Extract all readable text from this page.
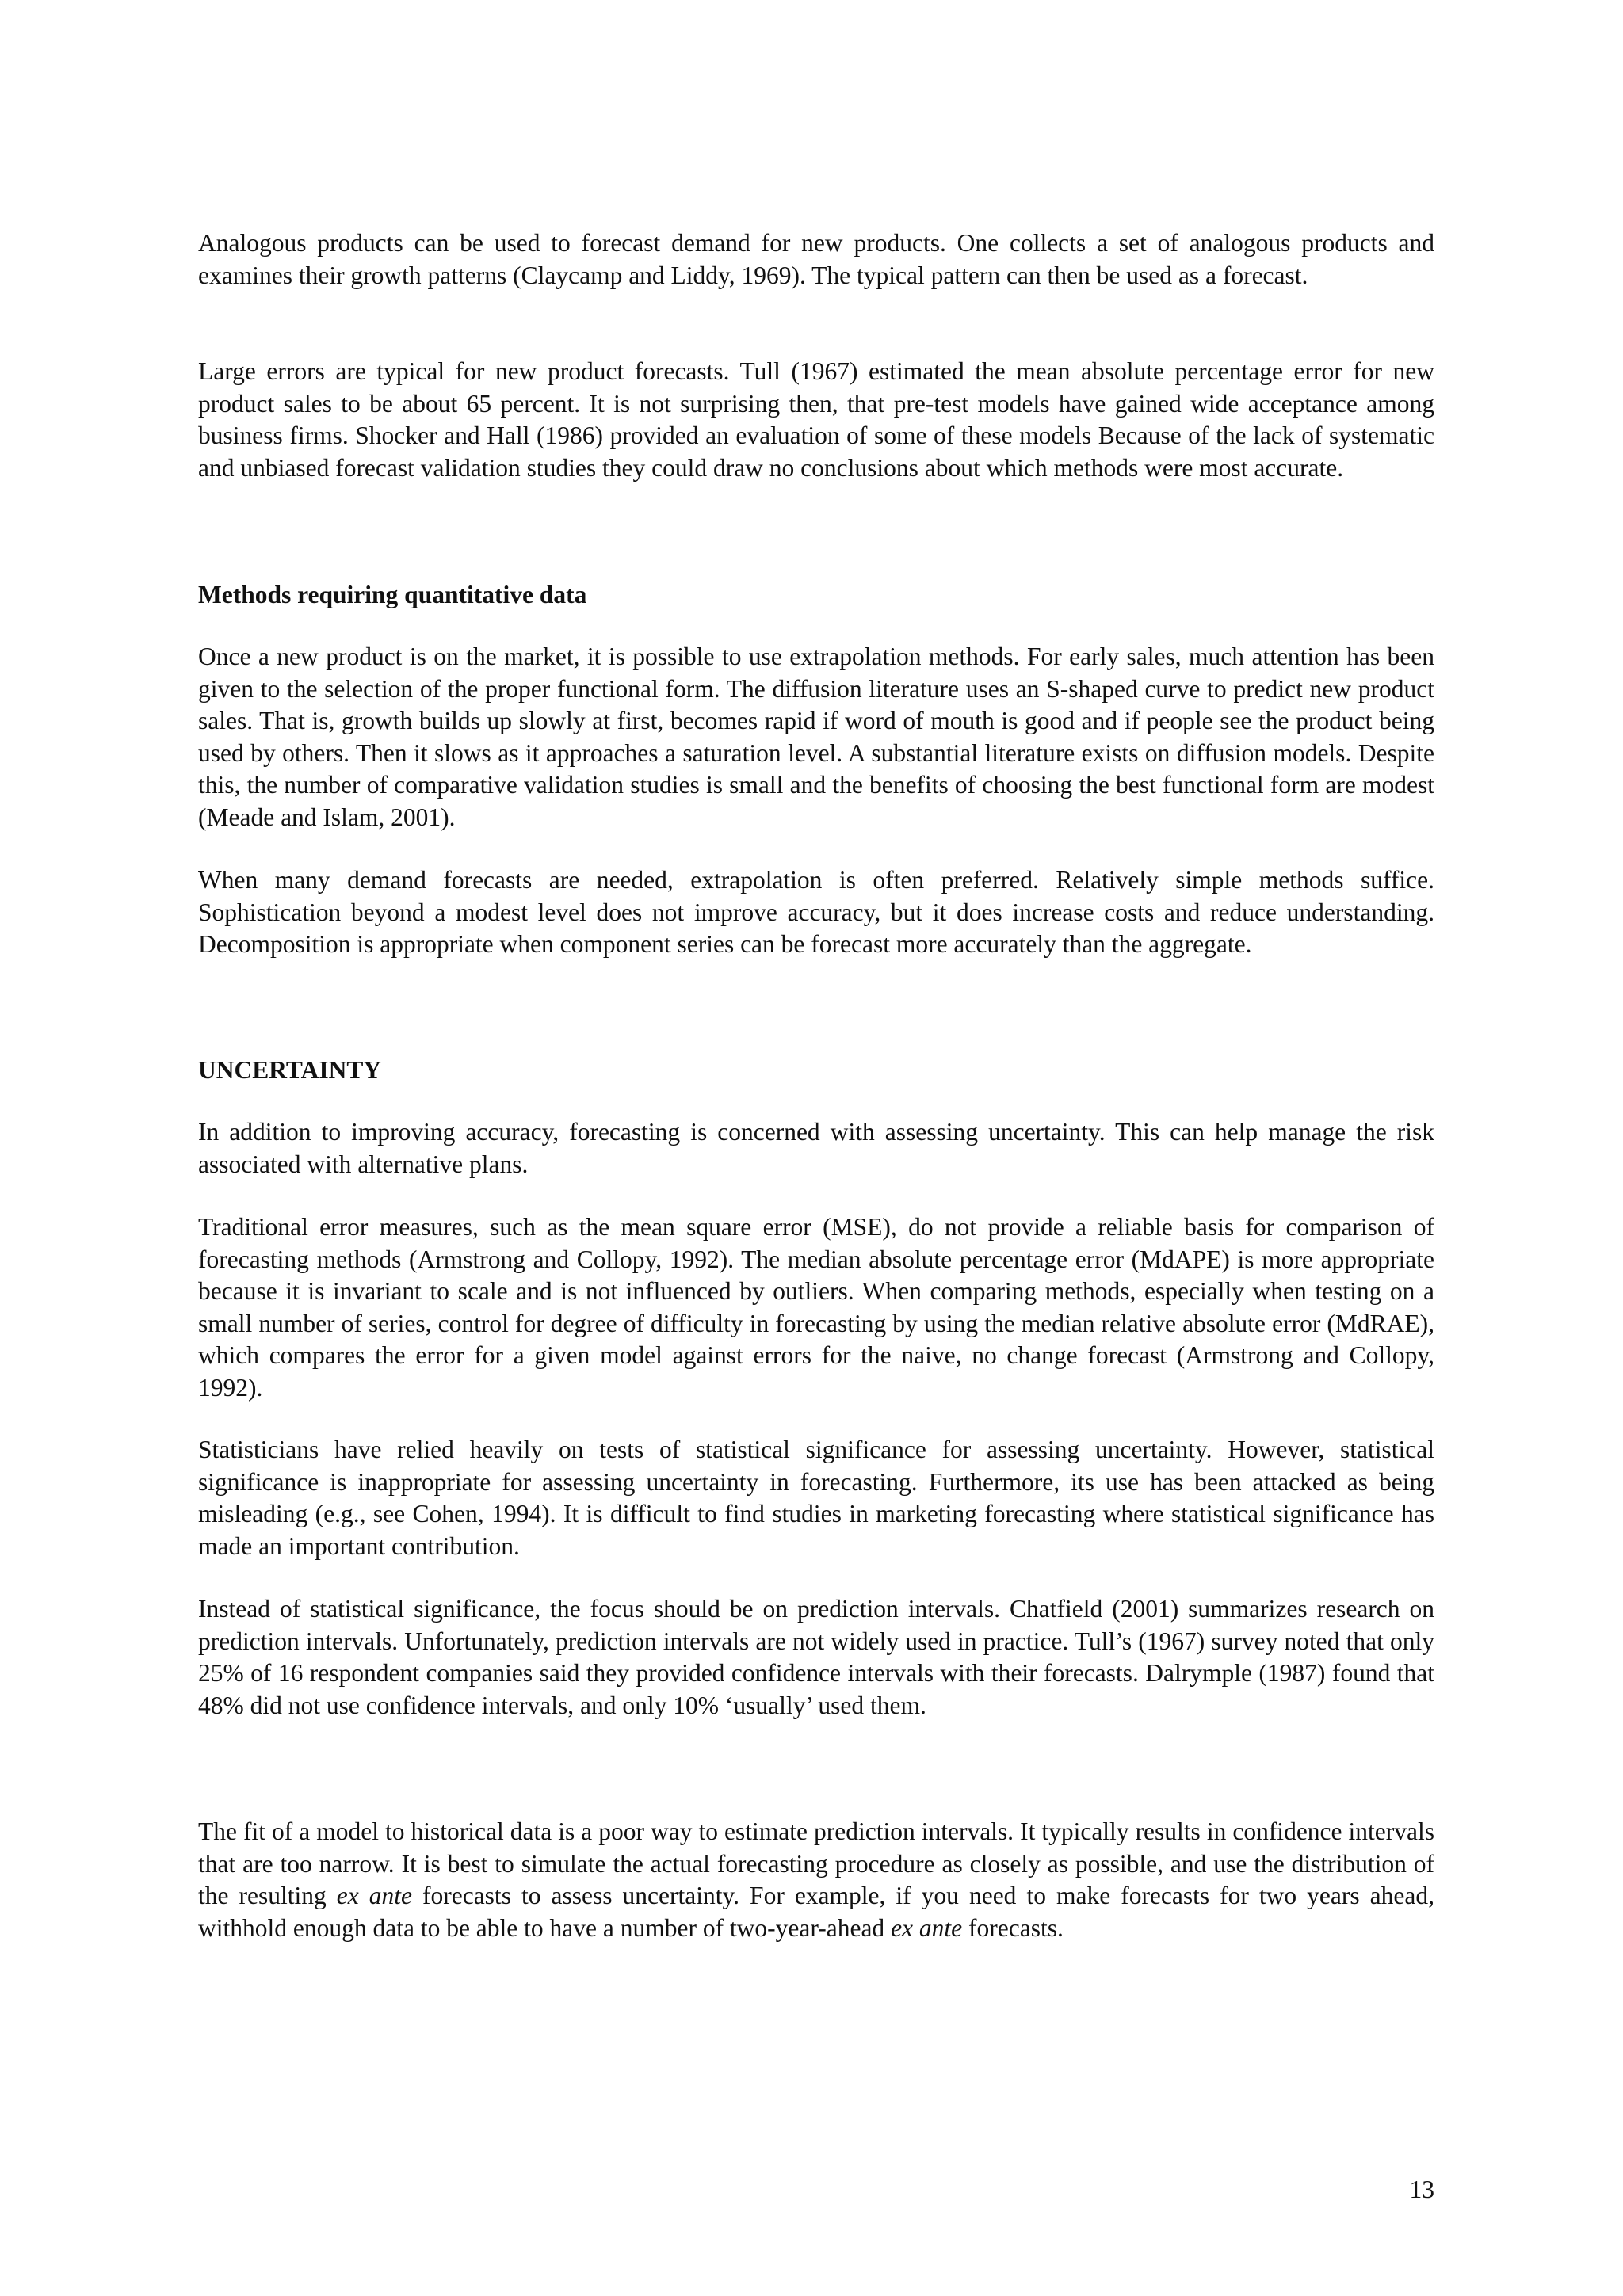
Analogous products can be used to forecast demand for new products. One collects a set of analogous products and examines their growth patterns (Claycamp and Liddy, 1969). The typical pattern can then be used as a forecast.

Large errors are typical for new product forecasts. Tull (1967) estimated the mean absolute percentage error for new product sales to be about 65 percent. It is not surprising then, that pre-test models have gained wide acceptance among business firms. Shocker and Hall (1986) provided an evaluation of some of these models Because of the lack of systematic and unbiased forecast validation studies they could draw no conclusions about which methods were most accurate.

Methods requiring quantitative data

Once a new product is on the market, it is possible to use extrapolation methods. For early sales, much attention has been given to the selection of the proper functional form. The diffusion literature uses an S-shaped curve to predict new product sales. That is, growth builds up slowly at first, becomes rapid if word of mouth is good and if people see the product being used by others. Then it slows as it approaches a saturation level. A substantial literature exists on diffusion models. Despite this, the number of comparative validation studies is small and the benefits of choosing the best functional form are modest (Meade and Islam, 2001).

When many demand forecasts are needed, extrapolation is often preferred. Relatively simple methods suffice. Sophistication beyond a modest level does not improve accuracy, but it does increase costs and reduce understanding. Decomposition is appropriate when component series can be forecast more accurately than the aggregate.

UNCERTAINTY

In addition to improving accuracy, forecasting is concerned with assessing uncertainty. This can help manage the risk associated with alternative plans.

Traditional error measures, such as the mean square error (MSE), do not provide a reliable basis for comparison of forecasting methods (Armstrong and Collopy, 1992). The median absolute percentage error (MdAPE) is more appropriate because it is invariant to scale and is not influenced by outliers. When comparing methods, especially when testing on a small number of series, control for degree of difficulty in forecasting by using the median relative absolute error (MdRAE), which compares the error for a given model against errors for the naive, no change forecast (Armstrong and Collopy, 1992).

Statisticians have relied heavily on tests of statistical significance for assessing uncertainty. However, statistical significance is inappropriate for assessing uncertainty in forecasting. Furthermore, its use has been attacked as being misleading (e.g., see Cohen, 1994). It is difficult to find studies in marketing forecasting where statistical significance has made an important contribution.

Instead of statistical significance, the focus should be on prediction intervals. Chatfield (2001) summarizes research on prediction intervals. Unfortunately, prediction intervals are not widely used in practice. Tull’s (1967) survey noted that only 25% of 16 respondent companies said they provided confidence intervals with their forecasts. Dalrymple (1987) found that 48% did not use confidence intervals, and only 10% ‘usually’ used them.

The fit of a model to historical data is a poor way to estimate prediction intervals. It typically results in confidence intervals that are too narrow. It is best to simulate the actual forecasting procedure as closely as possible, and use the distribution of the resulting ex ante forecasts to assess uncertainty. For example, if you need to make forecasts for two years ahead, withhold enough data to be able to have a number of two-year-ahead ex ante forecasts.

13
